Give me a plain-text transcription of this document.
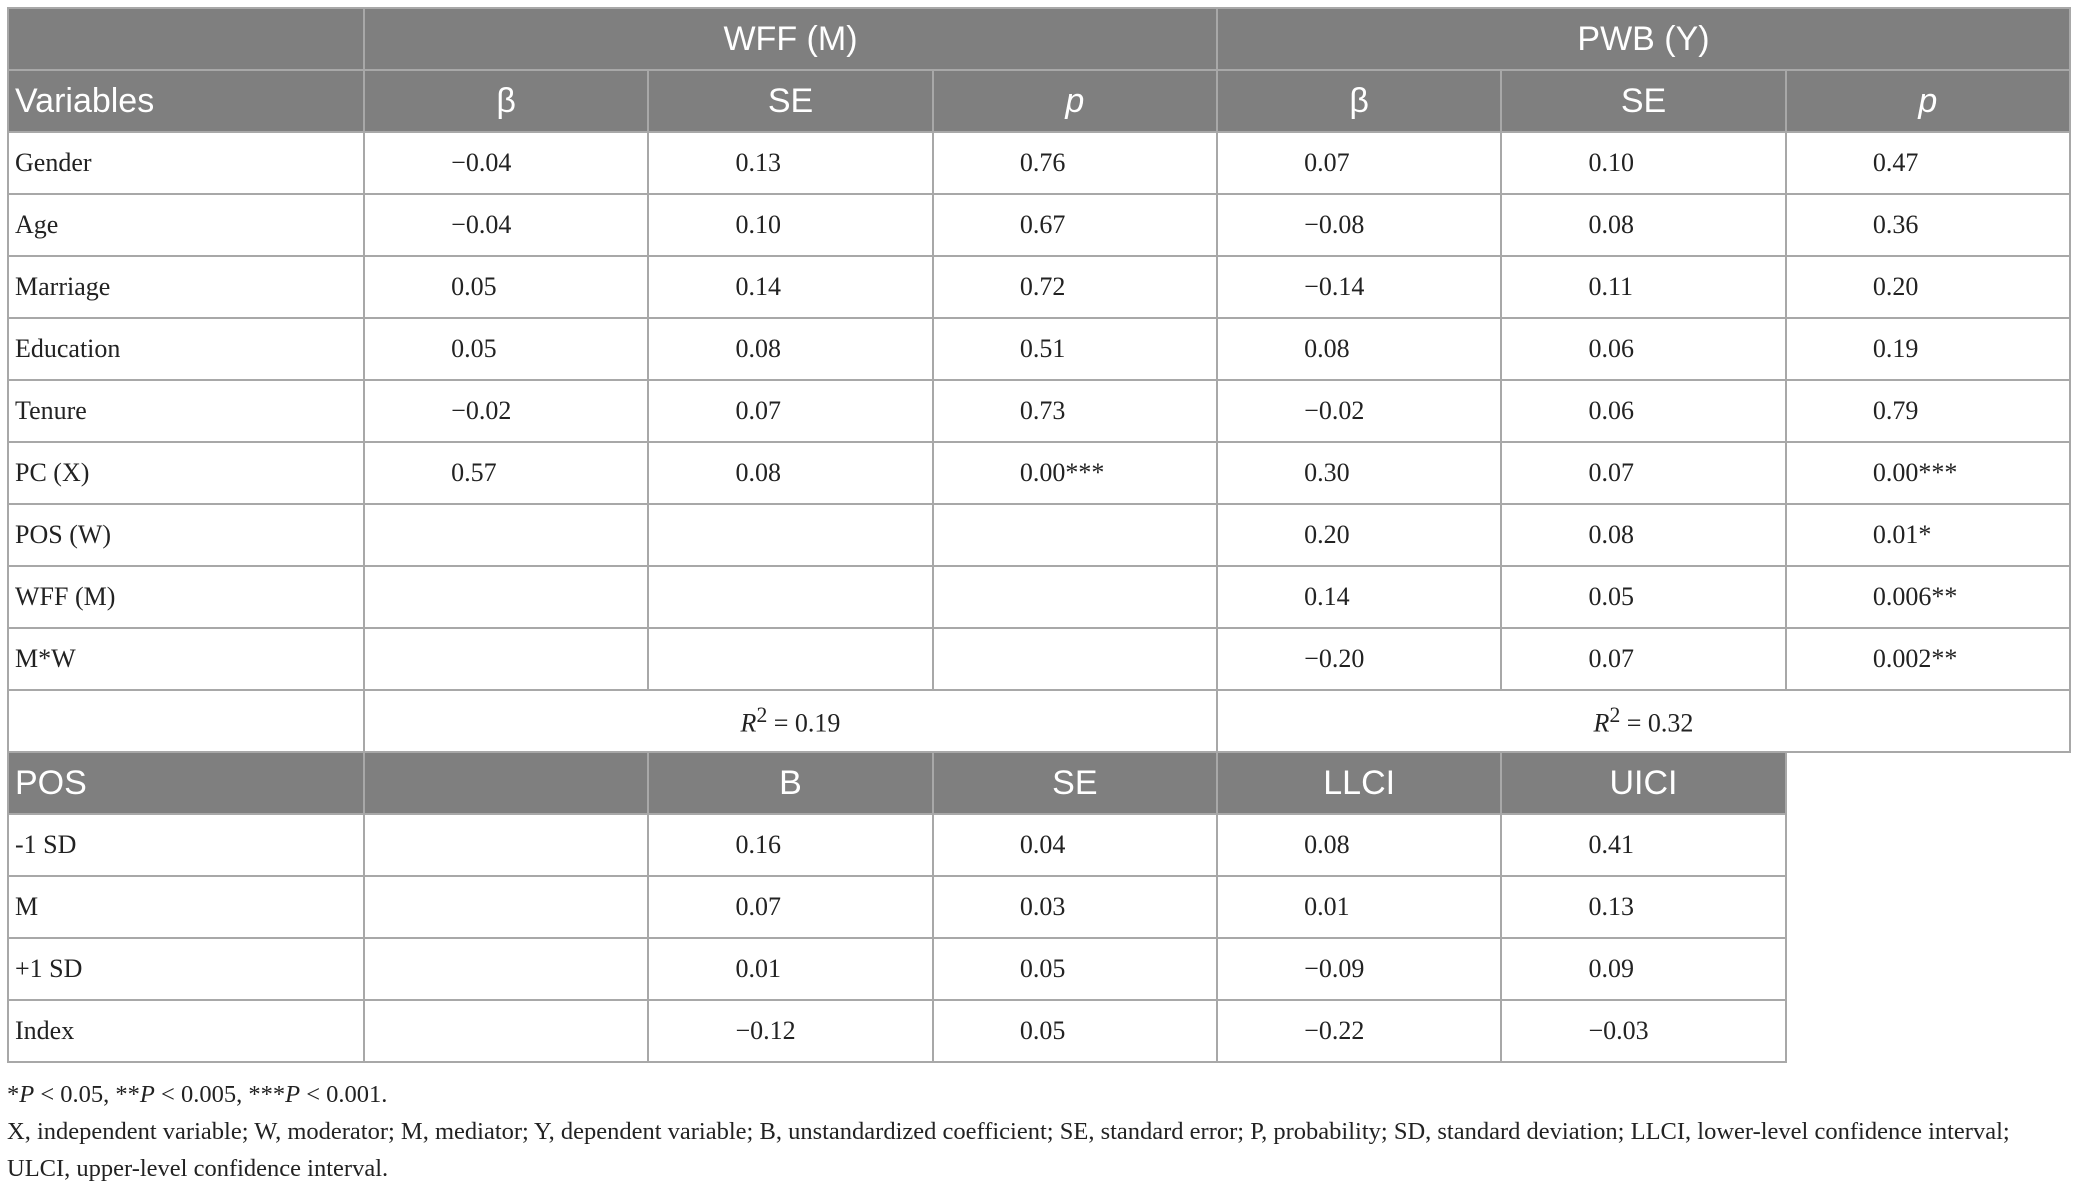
	WFF (M)			PWB (Y)		
Variables	β	SE	p	β	SE	p
Gender	−0.04	0.13	0.76	0.07	0.10	0.47
Age	−0.04	0.10	0.67	−0.08	0.08	0.36
Marriage	0.05	0.14	0.72	−0.14	0.11	0.20
Education	0.05	0.08	0.51	0.08	0.06	0.19
Tenure	−0.02	0.07	0.73	−0.02	0.06	0.79
PC (X)	0.57	0.08	0.00***	0.30	0.07	0.00***
POS (W)				0.20	0.08	0.01*
WFF (M)				0.14	0.05	0.006**
M*W				−0.20	0.07	0.002**
	$R^2 = 0.19$			$R^2 = 0.32$		
POS		B	SE	LLCI	UICI	
-1 SD		0.16	0.04	0.08	0.41	
M		0.07	0.03	0.01	0.13	
+1 SD		0.01	0.05	−0.09	0.09	
Index		−0.12	0.05	−0.22	−0.03	
*P < 0.05, **P < 0.005, ***P < 0.001.
X, independent variable; W, moderator; M, mediator; Y, dependent variable; B, unstandardized coefficient; SE, standard error; P, probability; SD, standard deviation; LLCI, lower-level confidence interval; ULCI, upper-level confidence interval.
